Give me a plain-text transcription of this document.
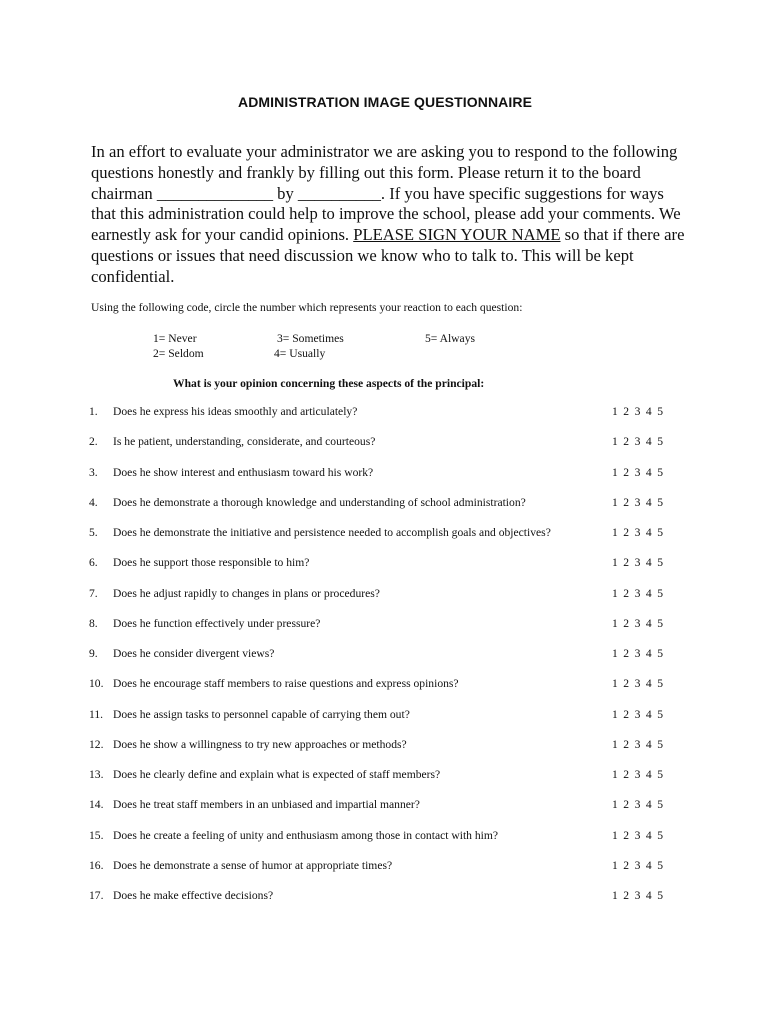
ADMINISTRATION IMAGE QUESTIONNAIRE
In an effort to evaluate your administrator we are asking you to respond to the following questions honestly and frankly by filling out this form. Please return it to the board chairman ______________ by __________. If you have specific suggestions for ways that this administration could help to improve the school, please add your comments. We earnestly ask for your candid opinions. PLEASE SIGN YOUR NAME so that if there are questions or issues that need discussion we know who to talk to. This will be kept confidential.
Using the following code, circle the number which represents your reaction to each question:
1= Never
2= Seldom
3= Sometimes
4= Usually
5= Always
What is your opinion concerning these aspects of the principal:
1. Does he express his ideas smoothly and articulately?	1 2 3 4 5
2. Is he patient, understanding, considerate, and courteous?	1 2 3 4 5
3. Does he show interest and enthusiasm toward his work?	1 2 3 4 5
4. Does he demonstrate a thorough knowledge and understanding of school administration?	1 2 3 4 5
5. Does he demonstrate the initiative and persistence needed to accomplish goals and objectives?	1 2 3 4 5
6. Does he support those responsible to him?	1 2 3 4 5
7. Does he adjust rapidly to changes in plans or procedures?	1 2 3 4 5
8. Does he function effectively under pressure?	1 2 3 4 5
9. Does he consider divergent views?	1 2 3 4 5
10. Does he encourage staff members to raise questions and express opinions?	1 2 3 4 5
11. Does he assign tasks to personnel capable of carrying them out?	1 2 3 4 5
12. Does he show a willingness to try new approaches or methods?	1 2 3 4 5
13. Does he clearly define and explain what is expected of staff members?	1 2 3 4 5
14. Does he treat staff members in an unbiased and impartial manner?	1 2 3 4 5
15. Does he create a feeling of unity and enthusiasm among those in contact with him?	1 2 3 4 5
16. Does he demonstrate a sense of humor at appropriate times?	1 2 3 4 5
17. Does he make effective decisions?	1 2 3 4 5
